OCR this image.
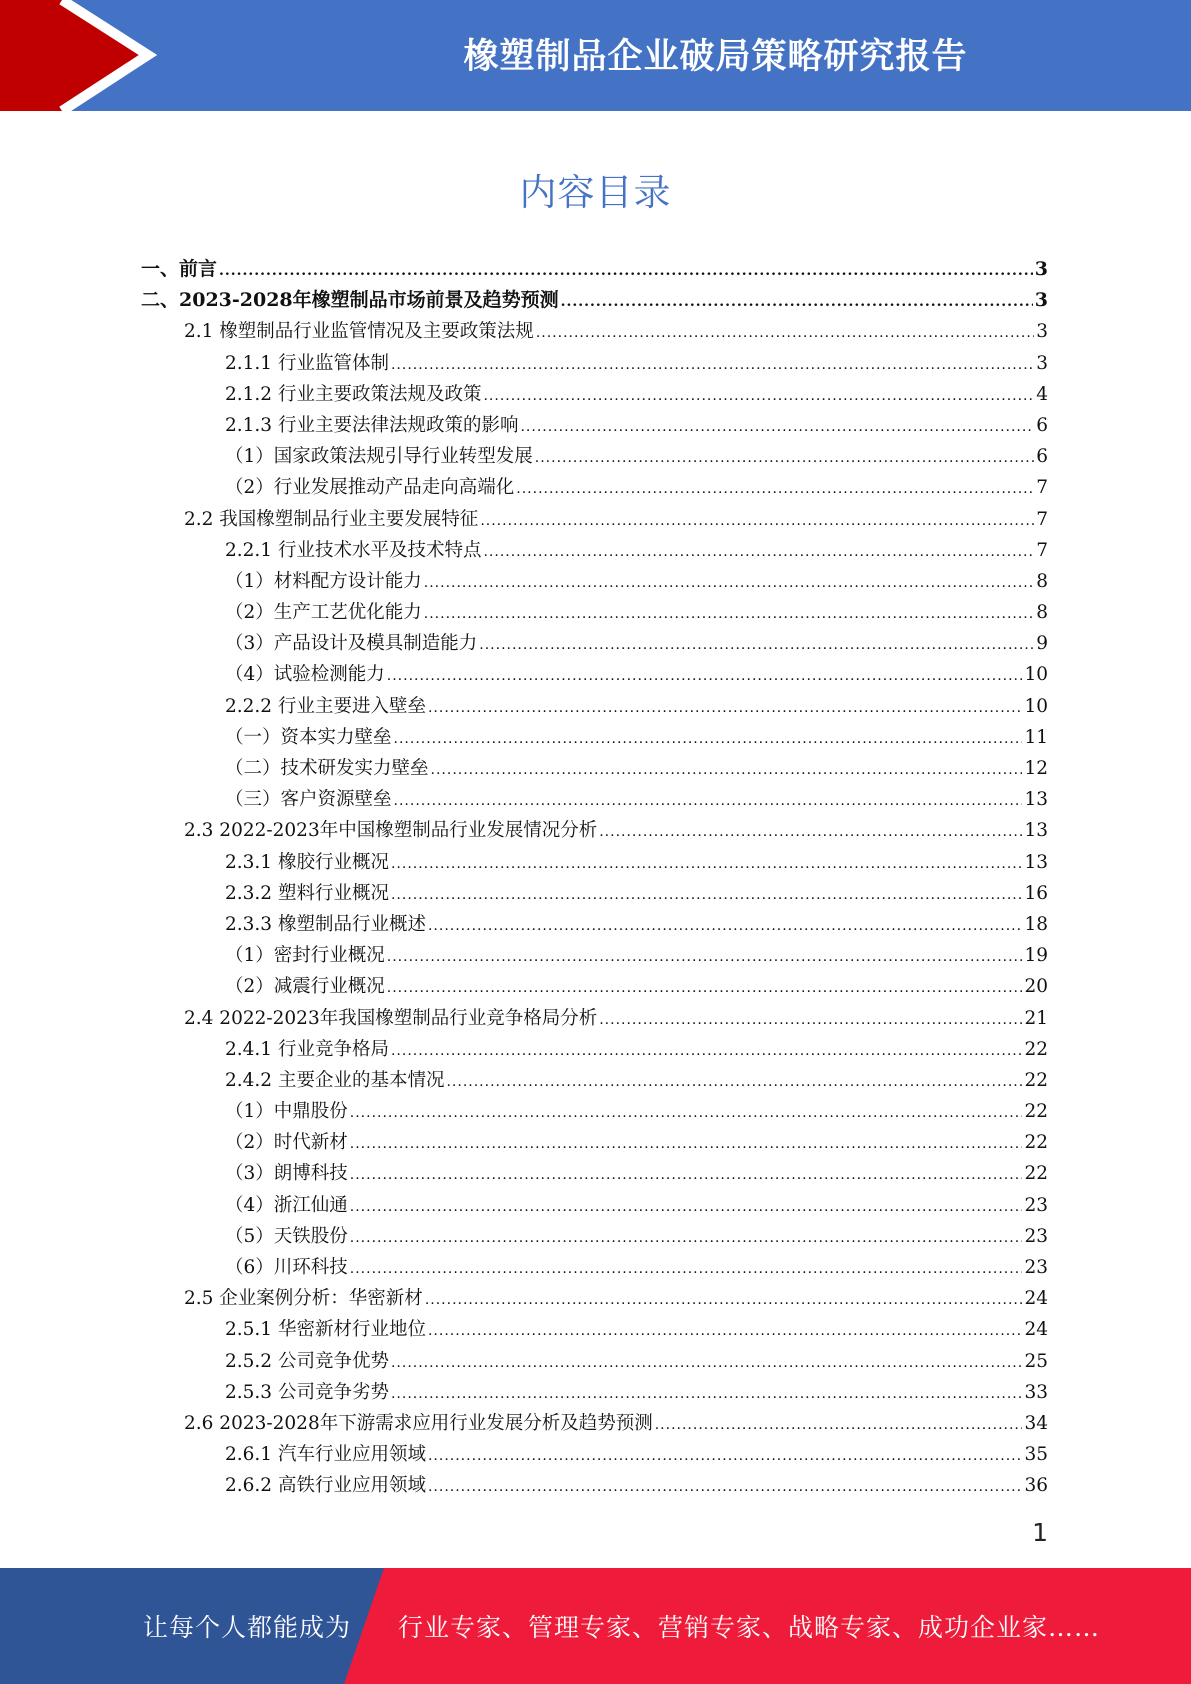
橡塑制品企业破局策略研究报告
内容目录
一、前言 .....	3
二、2023-2028年橡塑制品市场前景及趋势预测 .....	3
2.1 橡塑制品行业监管情况及主要政策法规 .....	3
2.1.1 行业监管体制 .....	3
2.1.2 行业主要政策法规及政策 .....	4
2.1.3 行业主要法律法规政策的影响 .....	6
（1）国家政策法规引导行业转型发展 .....	6
（2）行业发展推动产品走向高端化 .....	7
2.2 我国橡塑制品行业主要发展特征 .....	7
2.2.1 行业技术水平及技术特点 .....	7
（1）材料配方设计能力 .....	8
（2）生产工艺优化能力 .....	8
（3）产品设计及模具制造能力 .....	9
（4）试验检测能力 .....	10
2.2.2 行业主要进入壁垒 .....	10
（一）资本实力壁垒 .....	11
（二）技术研发实力壁垒 .....	12
（三）客户资源壁垒 .....	13
2.3 2022-2023年中国橡塑制品行业发展情况分析 .....	13
2.3.1 橡胶行业概况 .....	13
2.3.2 塑料行业概况 .....	16
2.3.3 橡塑制品行业概述 .....	18
（1）密封行业概况 .....	19
（2）减震行业概况 .....	20
2.4 2022-2023年我国橡塑制品行业竞争格局分析 .....	21
2.4.1 行业竞争格局 .....	22
2.4.2 主要企业的基本情况 .....	22
（1）中鼎股份 .....	22
（2）时代新材 .....	22
（3）朗博科技 .....	22
（4）浙江仙通 .....	23
（5）天铁股份 .....	23
（6）川环科技 .....	23
2.5 企业案例分析：华密新材 .....	24
2.5.1 华密新材行业地位 .....	24
2.5.2 公司竞争优势 .....	25
2.5.3 公司竞争劣势 .....	33
2.6 2023-2028年下游需求应用行业发展分析及趋势预测 .....	34
2.6.1 汽车行业应用领域 .....	35
2.6.2 高铁行业应用领域 .....	36
1
让每个人都能成为 行业专家、管理专家、营销专家、战略专家、成功企业家……
